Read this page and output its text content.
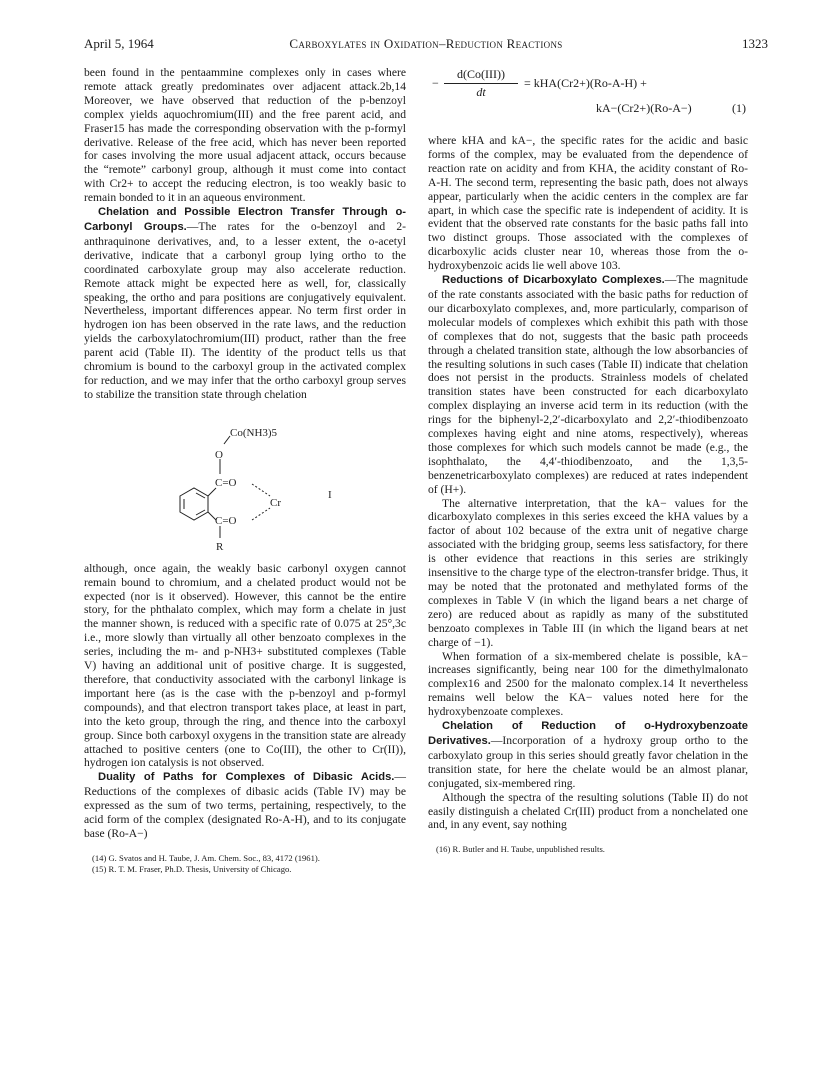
April 5, 1964	Carboxylates in Oxidation–Reduction Reactions	1323

been found in the pentaammine complexes only in cases where remote attack greatly predominates over adjacent attack.2b,14 Moreover, we have observed that reduction of the p-benzoyl complex yields aquochromium(III) and the free parent acid, and Fraser15 has made the corresponding observation with the p-formyl derivative. Release of the free acid, which has never been reported for cases involving the more usual adjacent attack, occurs because the “remote” carbonyl group, although it must come into contact with Cr2+ to accept the reducing electron, is too weakly basic to remain bonded to it in an aqueous environment.

Chelation and Possible Electron Transfer Through o-Carbonyl Groups.—The rates for the o-benzoyl and 2-anthraquinone derivatives, and, to a lesser extent, the o-acetyl derivative, indicate that a carbonyl group lying ortho to the coordinated carboxylate group may also accelerate reduction. Remote attack might be expected here as well, for, classically speaking, the ortho and para positions are conjugatively equivalent. Nevertheless, important differences appear. No term first order in hydrogen ion has been observed in the rate laws, and the reduction yields the carboxylatochromium(III) product, rather than the free parent acid (Table II). The identity of the product tells us that chromium is bound to the carboxyl group in the activated complex for reduction, and we may infer that the ortho carboxyl group serves to stabilize the transition state through chelation

Co(NH3)5
O
C=O
Cr
C=O
R
I

although, once again, the weakly basic carbonyl oxygen cannot remain bound to chromium, and a chelated product would not be expected (nor is it observed). However, this cannot be the entire story, for the phthalato complex, which may form a chelate in just the manner shown, is reduced with a specific rate of 0.075 at 25°,3c i.e., more slowly than virtually all other benzoato complexes in the series, including the m- and p-NH3+ substituted complexes (Table V) having an additional unit of positive charge. It is suggested, therefore, that conductivity associated with the carbonyl linkage is important here (as is the case with the p-benzoyl and p-formyl compounds), and that electron transport takes place, at least in part, into the keto group, through the ring, and thence into the carboxyl group. Since both carboxyl oxygens in the transition state are already attached to positive centers (one to Co(III), the other to Cr(II)), hydrogen ion catalysis is not observed.

Duality of Paths for Complexes of Dibasic Acids.—Reductions of the complexes of dibasic acids (Table IV) may be expressed as the sum of two terms, pertaining, respectively, to the acid form of the complex (designated Ro-A-H), and to its conjugate base (Ro-A−)

(14) G. Svatos and H. Taube, J. Am. Chem. Soc., 83, 4172 (1961).

(15) R. T. M. Fraser, Ph.D. Thesis, University of Chicago.

−
d(Co(III))
dt
= kHA(Cr2+)(Ro-A-H) +
kA−(Cr2+)(Ro-A−)	(1)

where kHA and kA−, the specific rates for the acidic and basic forms of the complex, may be evaluated from the dependence of reaction rate on acidity and from KHA, the acidity constant of Ro-A-H. The second term, representing the basic path, does not always appear, particularly when the acidic centers in the complex are far apart, in which case the specific rate is independent of acidity. It is evident that the observed rate constants for the basic paths fall into two distinct groups. Those associated with the complexes of dicarboxylic acids cluster near 10, whereas those from the o-hydroxybenzoic acids lie well above 103.

Reductions of Dicarboxylato Complexes.—The magnitude of the rate constants associated with the basic paths for reduction of our dicarboxylato complexes, and, more particularly, comparison of molecular models of complexes which exhibit this path with those of complexes that do not, suggests that the basic path proceeds through a chelated transition state, although the low absorbancies of the resulting solutions in such cases (Table II) indicate that chelation does not persist in the products. Strainless models of chelated transition states have been constructed for each dicarboxylato complex displaying an inverse acid term in its reduction (with the rings for the biphenyl-2,2′-dicarboxylato and 2,2′-thiodibenzoato complexes having eight and nine atoms, respectively), whereas those complexes for which such models cannot be made (e.g., the isophthalato, the 4,4′-thiodibenzoato, and the 1,3,5-benzenetricarboxylato complexes) are reduced at rates independent of (H+).

The alternative interpretation, that the kA− values for the dicarboxylato complexes in this series exceed the kHA values by a factor of about 102 because of the extra unit of negative charge associated with the bridging group, seems less satisfactory, for there is other evidence that reactions in this series are strikingly insensitive to the charge type of the electron-transfer bridge. Thus, it may be noted that the protonated and methylated forms of the complexes in Table V (in which the ligand bears a net charge of zero) are reduced about as rapidly as many of the substituted benzoato complexes in Table III (in which the ligand bears at net charge of −1).

When formation of a six-membered chelate is possible, kA− increases significantly, being near 100 for the dimethylmalonato complex16 and 2500 for the malonato complex.14 It nevertheless remains well below the KA− values noted here for the hydroxybenzoate complexes.

Chelation of Reduction of o-Hydroxybenzoate Derivatives.—Incorporation of a hydroxy group ortho to the carboxylato group in this series should greatly favor chelation in the transition state, for here the chelate would be an almost planar, conjugated, six-membered ring.

Although the spectra of the resulting solutions (Table II) do not easily distinguish a chelated Cr(III) product from a nonchelated one and, in any event, say nothing

(16) R. Butler and H. Taube, unpublished results.
